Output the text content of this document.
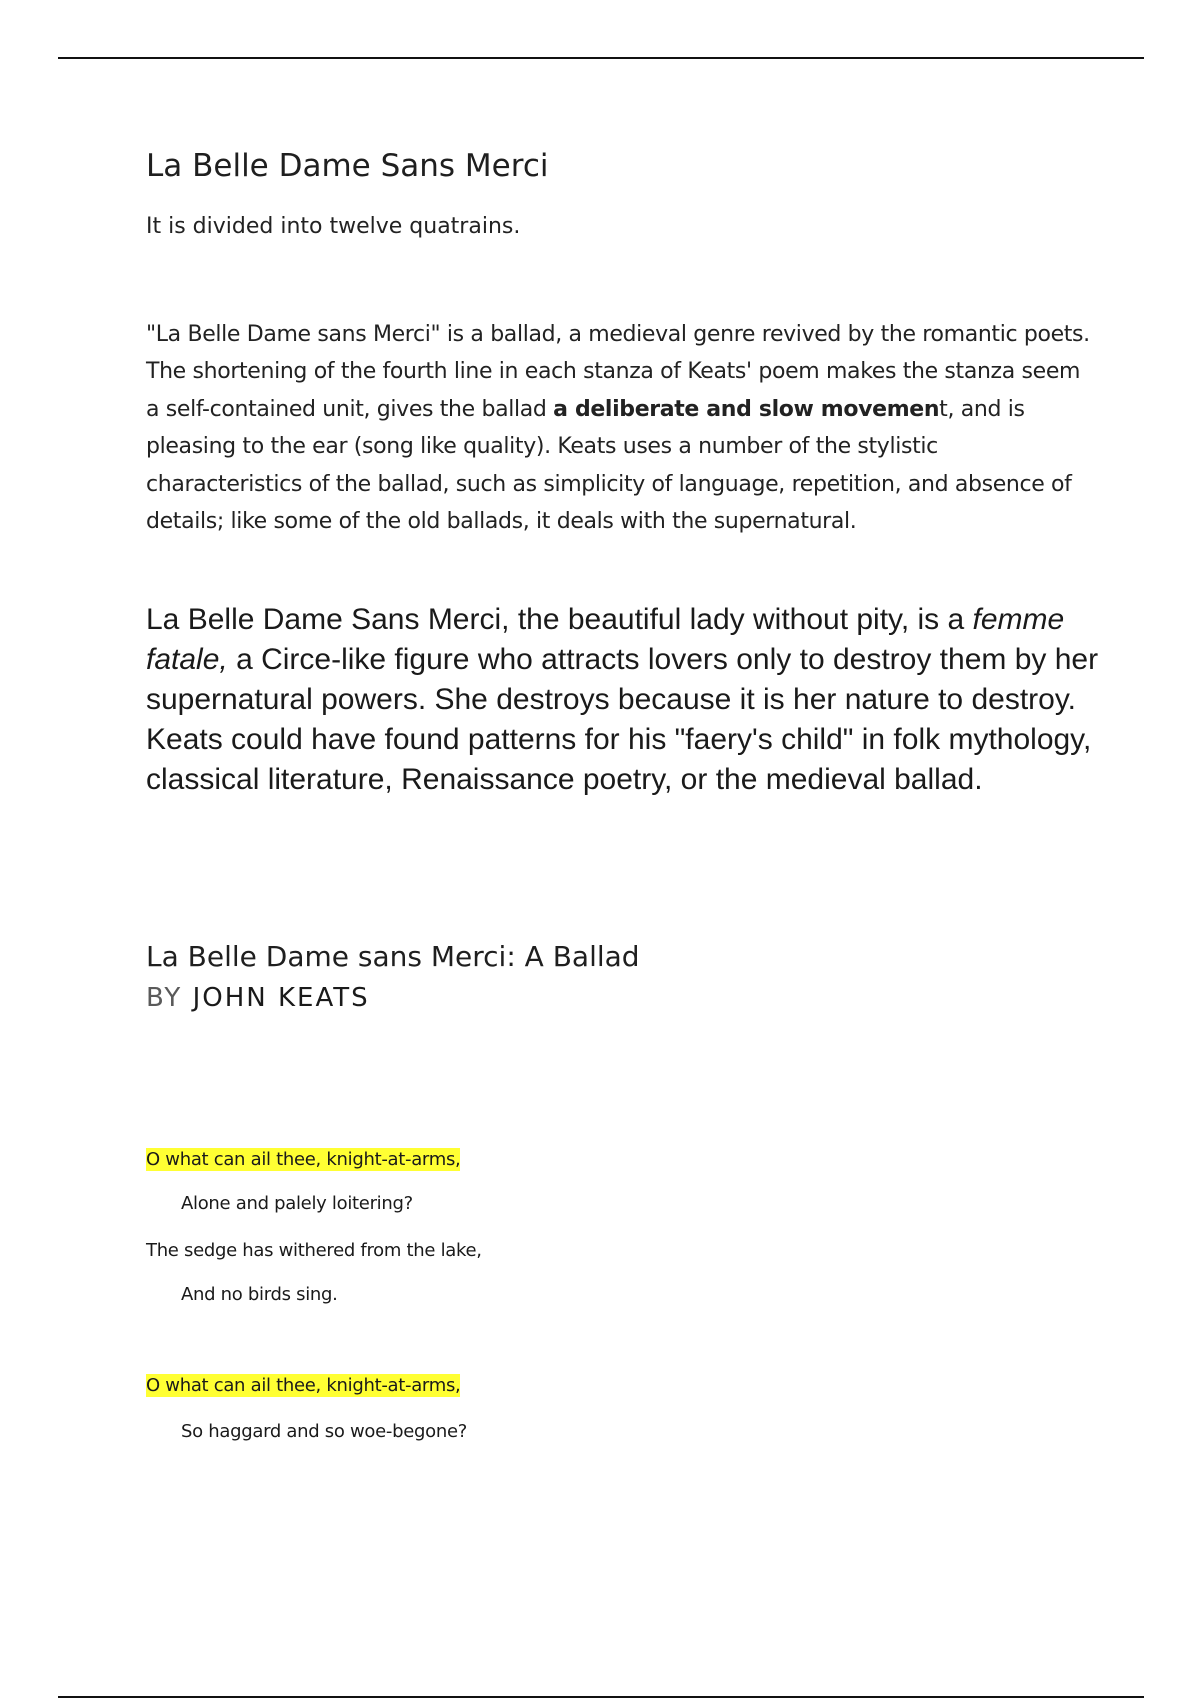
La Belle Dame Sans Merci

It is divided into twelve quatrains.

"La Belle Dame sans Merci" is a ballad, a medieval genre revived by the romantic poets. The shortening of the fourth line in each stanza of Keats' poem makes the stanza seem a self-contained unit, gives the ballad a deliberate and slow movement, and is pleasing to the ear (song like quality). Keats uses a number of the stylistic characteristics of the ballad, such as simplicity of language, repetition, and absence of details; like some of the old ballads, it deals with the supernatural.

La Belle Dame Sans Merci, the beautiful lady without pity, is a femme fatale, a Circe-like figure who attracts lovers only to destroy them by her supernatural powers. She destroys because it is her nature to destroy. Keats could have found patterns for his "faery's child" in folk mythology, classical literature, Renaissance poetry, or the medieval ballad.

La Belle Dame sans Merci: A Ballad

BY JOHN KEATS

O what can ail thee, knight-at-arms,

Alone and palely loitering?

The sedge has withered from the lake,

And no birds sing.

O what can ail thee, knight-at-arms,

So haggard and so woe-begone?
